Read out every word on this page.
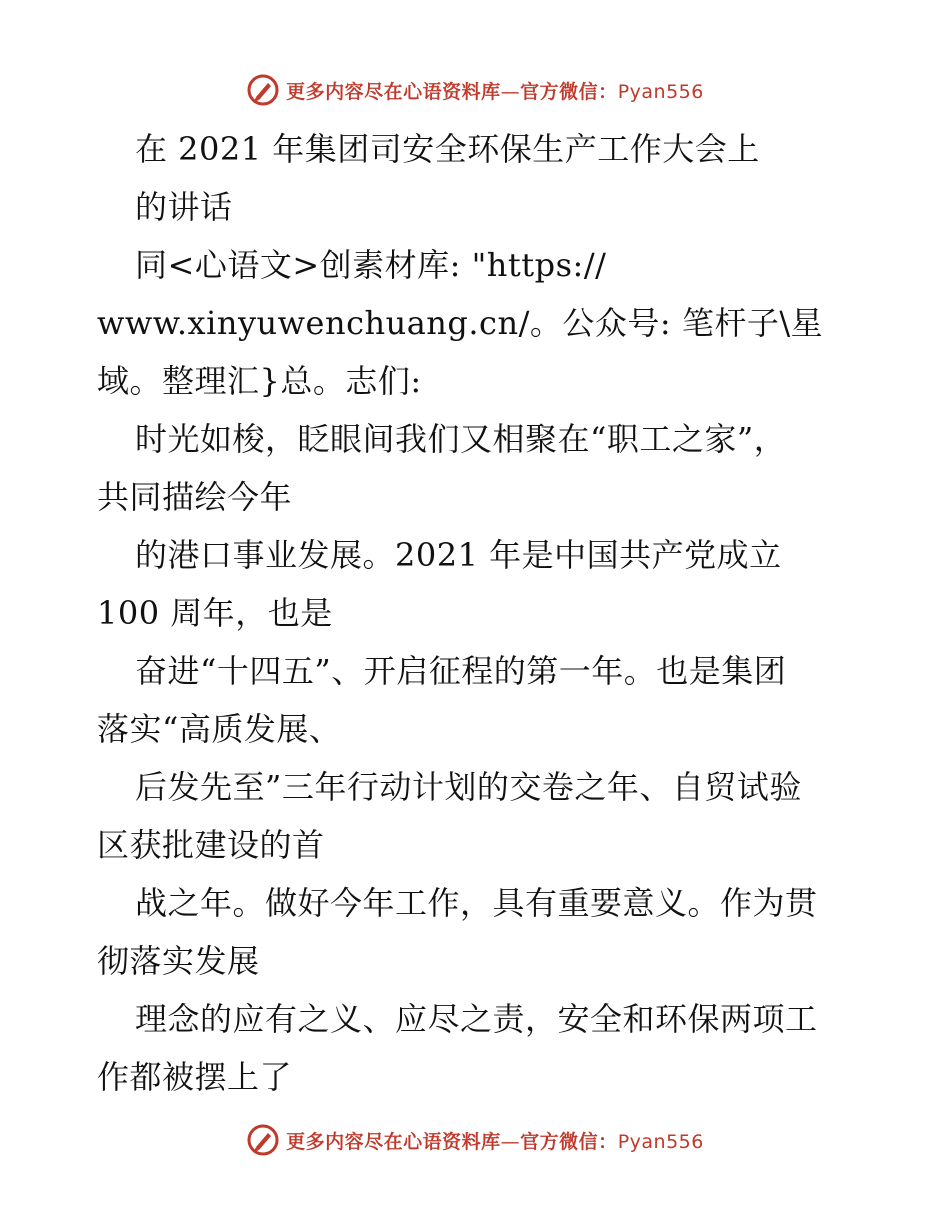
更多内容尽在心语资料库—官方微信：Pyan556
在 2021 年集团司安全环保生产工作大会上
的讲话
同<心语文>创素材库: "https://
www.xinyuwenchuang.cn/。公众号: 笔杆子\星
域。整理汇}总。志们:
时光如梭，眨眼间我们又相聚在“职工之家”，
共同描绘今年
的港口事业发展。2021 年是中国共产党成立
100 周年，也是
奋进“十四五”、开启征程的第一年。也是集团
落实“高质发展、
后发先至”三年行动计划的交卷之年、自贸试验
区获批建设的首
战之年。做好今年工作，具有重要意义。作为贯
彻落实发展
理念的应有之义、应尽之责，安全和环保两项工
作都被摆上了
更多内容尽在心语资料库—官方微信：Pyan556
